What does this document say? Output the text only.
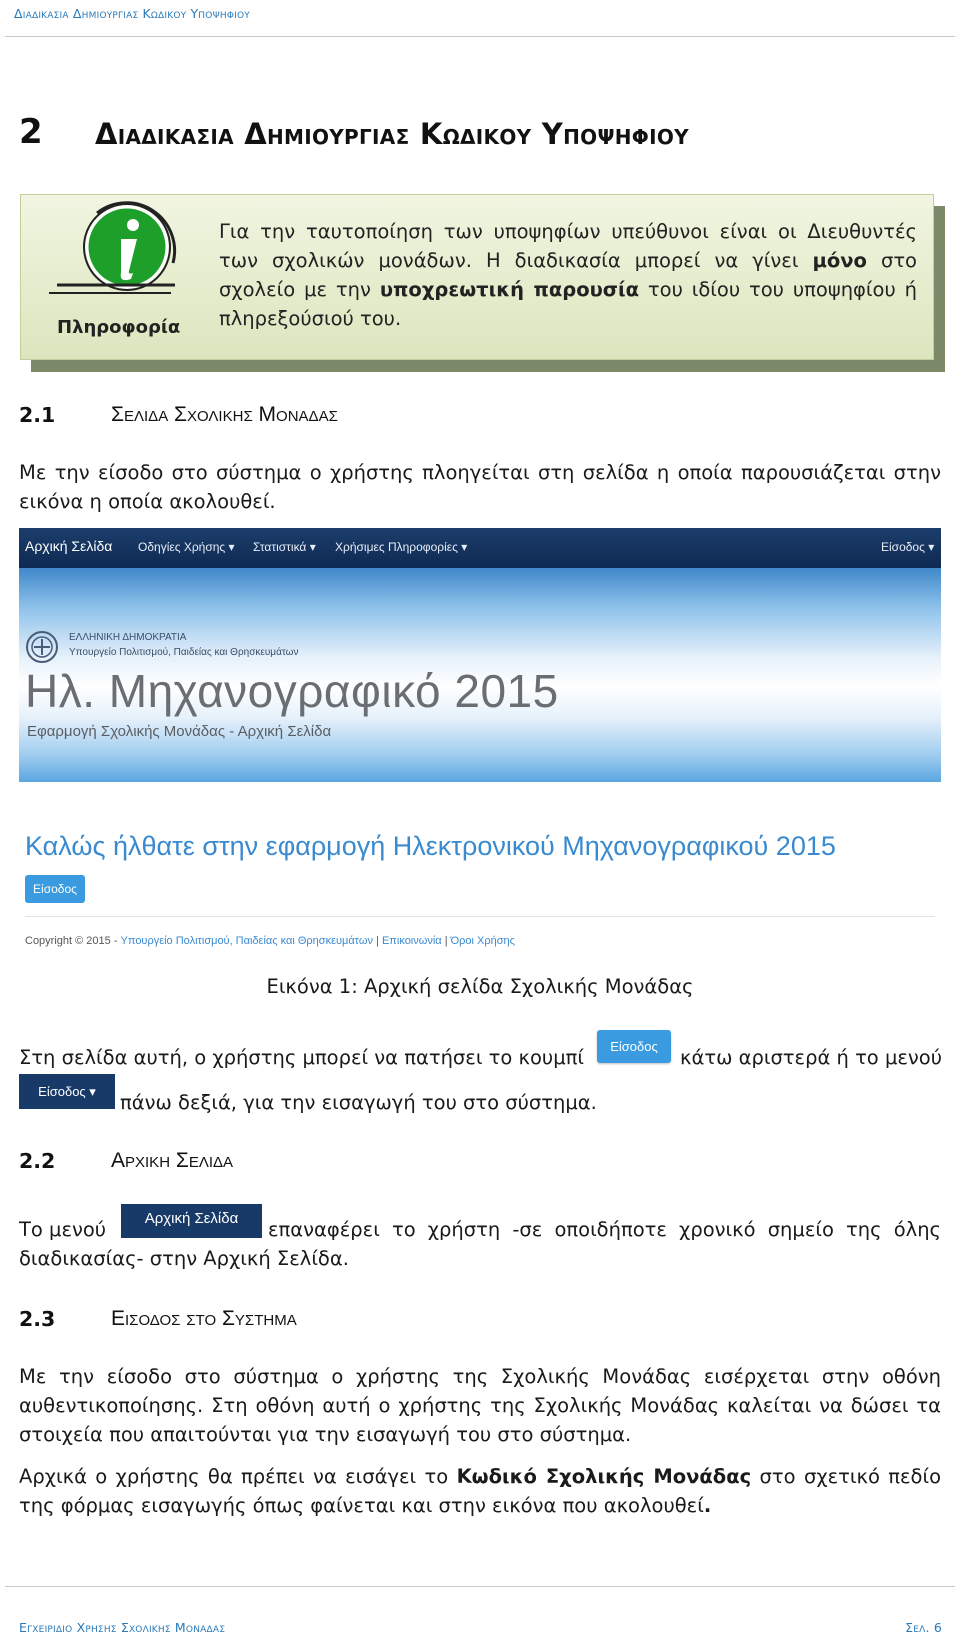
Διαδικασια Δημιουργιας Κωδικου Υποψηφιου
2 Διαδικασια Δημιουργιας Κωδικου Υποψηφιου
Πληροφορία
Για την ταυτοποίηση των υποψηφίων υπεύθυνοι είναι οι Διευθυντές των σχολικών μονάδων. Η διαδικασία μπορεί να γίνει μόνο στο σχολείο με την υποχρεωτική παρουσία του ιδίου του υποψηφίου ή πληρεξούσιού του.
2.1	Σελιδα Σχολικης Μοναδας
Με την είσοδο στο σύστημα ο χρήστης πλοηγείται στη σελίδα η οποία παρουσιάζεται στην εικόνα η οποία ακολουθεί.
Αρχική Σελίδα Οδηγίες Χρήσης ▾ Στατιστικά ▾ Χρήσιμες Πληροφορίες ▾	Είσοδος ▾
ΕΛΛΗΝΙΚΗ ΔΗΜΟΚΡΑΤΙΑ
Υπουργείο Πολιτισμού, Παιδείας και Θρησκευμάτων
Ηλ. Μηχανογραφικό 2015
Εφαρμογή Σχολικής Μονάδας - Αρχική Σελίδα
Καλώς ήλθατε στην εφαρμογή Ηλεκτρονικού Μηχανογραφικού 2015
Είσοδος
Copyright © 2015 - Υπουργείο Πολιτισμού, Παιδείας και Θρησκευμάτων | Επικοινωνία | Όροι Χρήσης
Εικόνα 1: Αρχική σελίδα Σχολικής Μονάδας
Στη σελίδα αυτή, ο χρήστης μπορεί να πατήσει το κουμπί	Είσοδος	κάτω αριστερά ή το μενού
Είσοδος ▾	πάνω δεξιά, για την εισαγωγή του στο σύστημα.
2.2	Αρχικη Σελιδα
Το μενού	Αρχική Σελίδα	επαναφέρει το χρήστη -σε οποιδήποτε χρονικό σημείο της όλης
διαδικασίας- στην Αρχική Σελίδα.
2.3	Εισοδος στο Συστημα
Με την είσοδο στο σύστημα ο χρήστης της Σχολικής Μονάδας εισέρχεται στην οθόνη αυθεντικοποίησης. Στη οθόνη αυτή ο χρήστης της Σχολικής Μονάδας καλείται να δώσει τα στοιχεία που απαιτούνται για την εισαγωγή του στο σύστημα.
Αρχικά ο χρήστης θα πρέπει να εισάγει το Κωδικό Σχολικής Μονάδας στο σχετικό πεδίο της φόρμας εισαγωγής όπως φαίνεται και στην εικόνα που ακολουθεί.
Εγχειριδιο Χρησης Σχολικης Μοναδας	Σελ. 6
